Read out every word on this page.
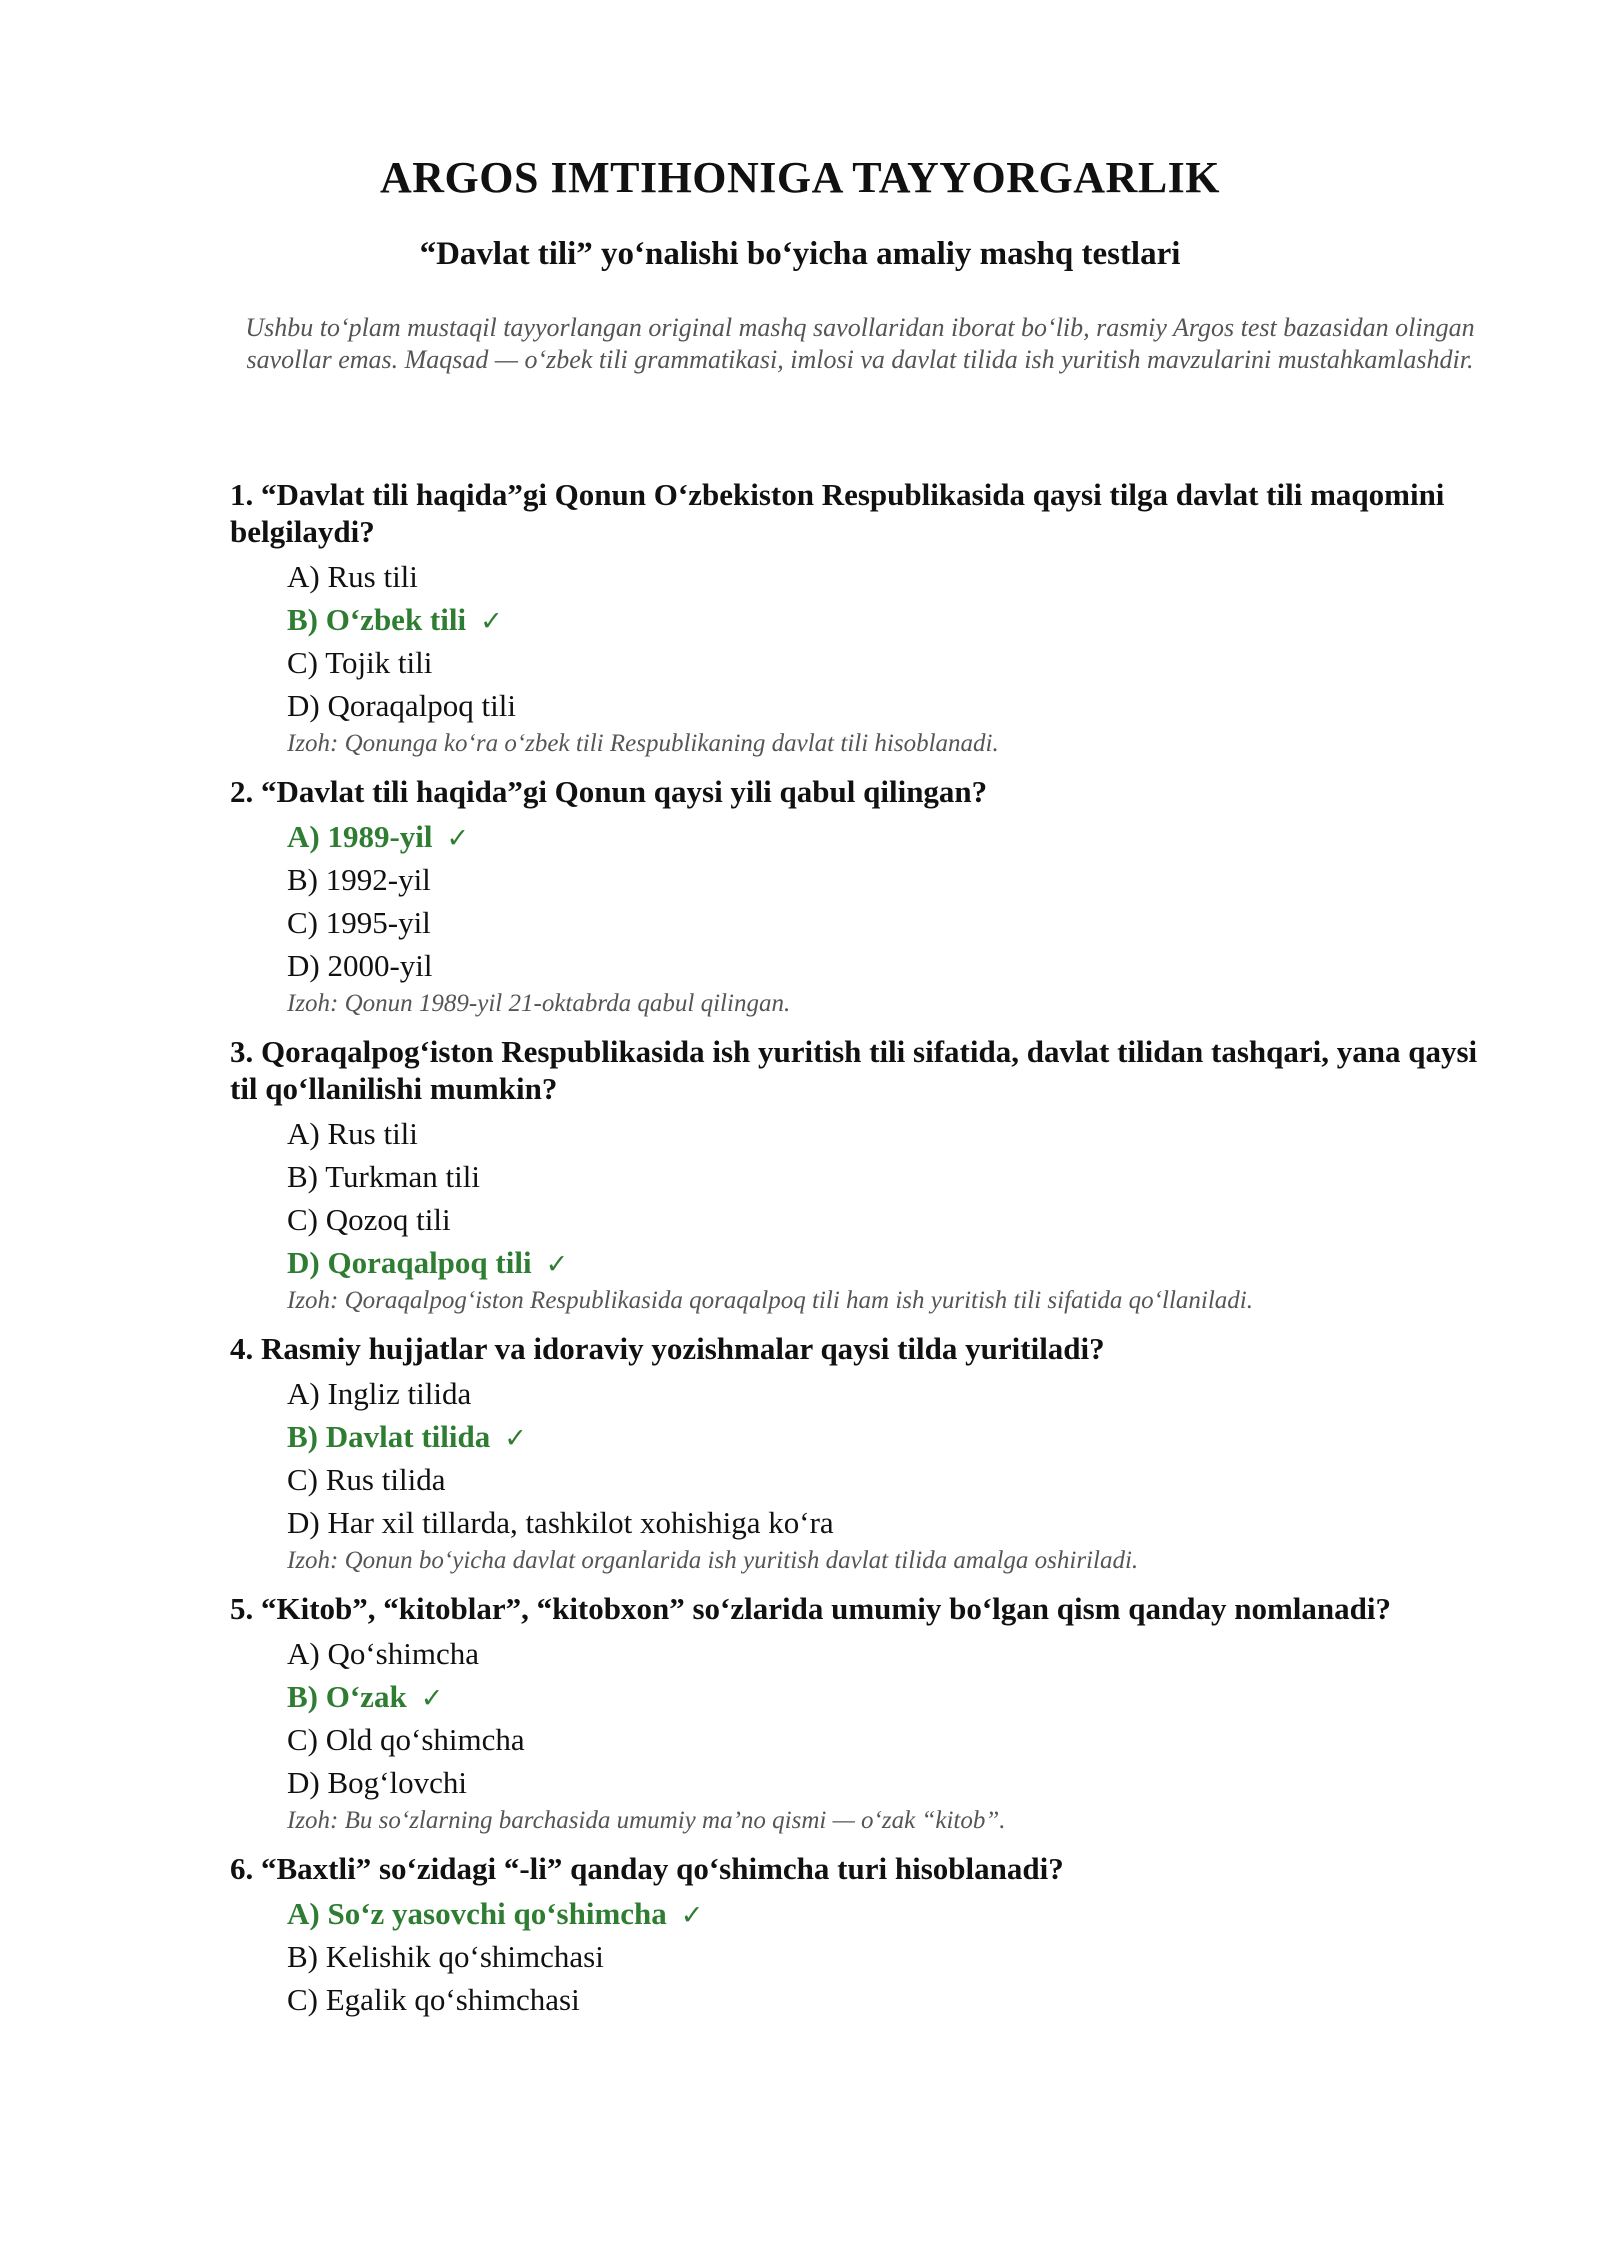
ARGOS IMTIHONIGA TAYYORGARLIK
“Davlat tili” yo‘nalishi bo‘yicha amaliy mashq testlari
Ushbu to‘plam mustaqil tayyorlangan original mashq savollaridan iborat bo‘lib, rasmiy Argos test bazasidan olingan savollar emas. Maqsad — o‘zbek tili grammatikasi, imlosi va davlat tilida ish yuritish mavzularini mustahkamlashdir.

1. “Davlat tili haqida”gi Qonun O‘zbekiston Respublikasida qaysi tilga davlat tili maqomini belgilaydi?

A) Rus tili
B) O‘zbek tili ✓
C) Tojik tili
D) Qoraqalpoq tili

Izoh: Qonunga ko‘ra o‘zbek tili Respublikaning davlat tili hisoblanadi.

2. “Davlat tili haqida”gi Qonun qaysi yili qabul qilingan?

A) 1989-yil ✓
B) 1992-yil
C) 1995-yil
D) 2000-yil

Izoh: Qonun 1989-yil 21-oktabrda qabul qilingan.

3. Qoraqalpog‘iston Respublikasida ish yuritish tili sifatida, davlat tilidan tashqari, yana qaysi til qo‘llanilishi mumkin?

A) Rus tili
B) Turkman tili
C) Qozoq tili
D) Qoraqalpoq tili ✓

Izoh: Qoraqalpog‘iston Respublikasida qoraqalpoq tili ham ish yuritish tili sifatida qo‘llaniladi.

4. Rasmiy hujjatlar va idoraviy yozishmalar qaysi tilda yuritiladi?

A) Ingliz tilida
B) Davlat tilida ✓
C) Rus tilida
D) Har xil tillarda, tashkilot xohishiga ko‘ra

Izoh: Qonun bo‘yicha davlat organlarida ish yuritish davlat tilida amalga oshiriladi.

5. “Kitob”, “kitoblar”, “kitobxon” so‘zlarida umumiy bo‘lgan qism qanday nomlanadi?

A) Qo‘shimcha
B) O‘zak ✓
C) Old qo‘shimcha
D) Bog‘lovchi

Izoh: Bu so‘zlarning barchasida umumiy ma’no qismi — o‘zak “kitob”.

6. “Baxtli” so‘zidagi “-li” qanday qo‘shimcha turi hisoblanadi?

A) So‘z yasovchi qo‘shimcha ✓
B) Kelishik qo‘shimchasi
C) Egalik qo‘shimchasi
